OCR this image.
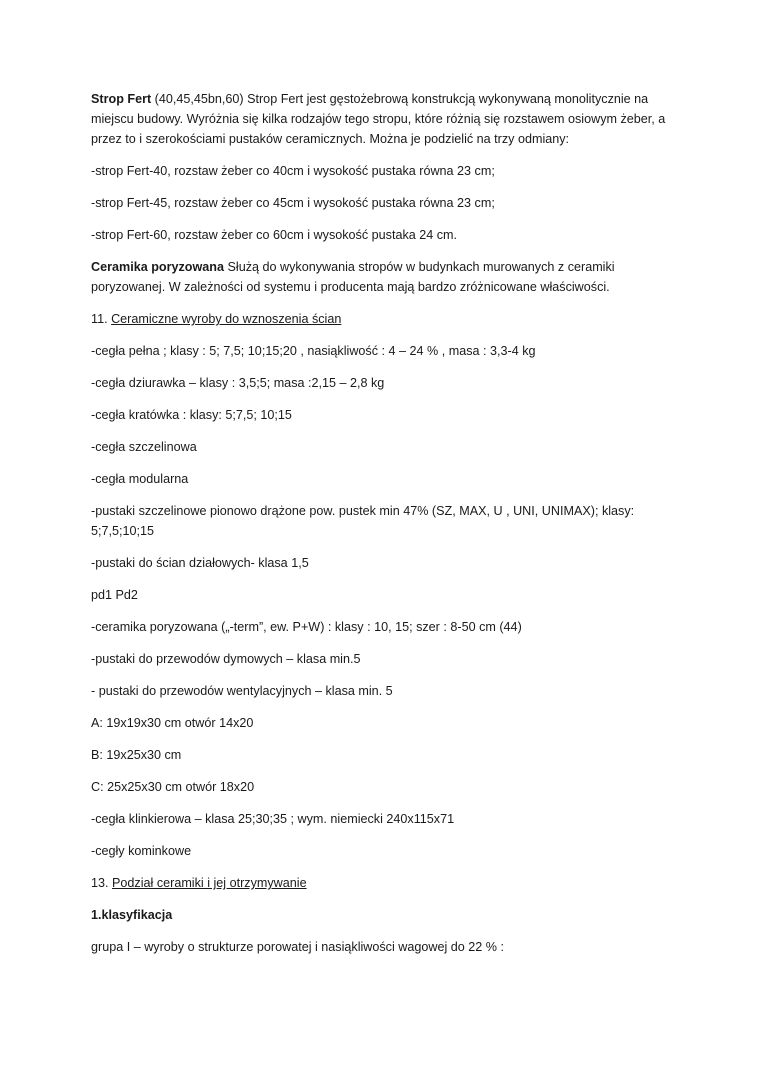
Strop Fert (40,45,45bn,60) Strop Fert jest gęstożebrową konstrukcją wykonywaną monolitycznie na miejscu budowy. Wyróżnia się kilka rodzajów tego stropu, które różnią się rozstawem osiowym żeber, a przez to i szerokościami pustaków ceramicznych. Można je podzielić na trzy odmiany:

-strop Fert-40, rozstaw żeber co 40cm i wysokość pustaka równa 23 cm;

-strop Fert-45, rozstaw żeber co 45cm i wysokość pustaka równa 23 cm;

-strop Fert-60, rozstaw żeber co 60cm i wysokość pustaka 24 cm.

Ceramika poryzowana Służą do wykonywania stropów w budynkach murowanych z ceramiki poryzowanej. W zależności od systemu i producenta mają bardzo zróżnicowane właściwości.

11. Ceramiczne wyroby do wznoszenia ścian

-cegła pełna ; klasy : 5; 7,5; 10;15;20 , nasiąkliwość : 4 – 24 % , masa : 3,3-4 kg

-cegła dziurawka – klasy : 3,5;5; masa :2,15 – 2,8 kg

-cegła kratówka : klasy: 5;7,5; 10;15

-cegła szczelinowa

-cegła modularna

-pustaki szczelinowe pionowo drążone pow. pustek min 47% (SZ, MAX, U , UNI, UNIMAX); klasy: 5;7,5;10;15

-pustaki do ścian działowych- klasa 1,5

pd1 Pd2

-ceramika poryzowana („-term”, ew. P+W) : klasy : 10, 15; szer : 8-50 cm (44)

-pustaki do przewodów dymowych – klasa min.5

- pustaki do przewodów wentylacyjnych – klasa min. 5

A: 19x19x30 cm otwór 14x20

B: 19x25x30 cm

C: 25x25x30 cm otwór 18x20

-cegła klinkierowa – klasa 25;30;35 ; wym. niemiecki 240x115x71

-cegły kominkowe

13. Podział ceramiki i jej otrzymywanie

1.klasyfikacja

grupa I – wyroby o strukturze porowatej i nasiąkliwości wagowej do 22 % :
